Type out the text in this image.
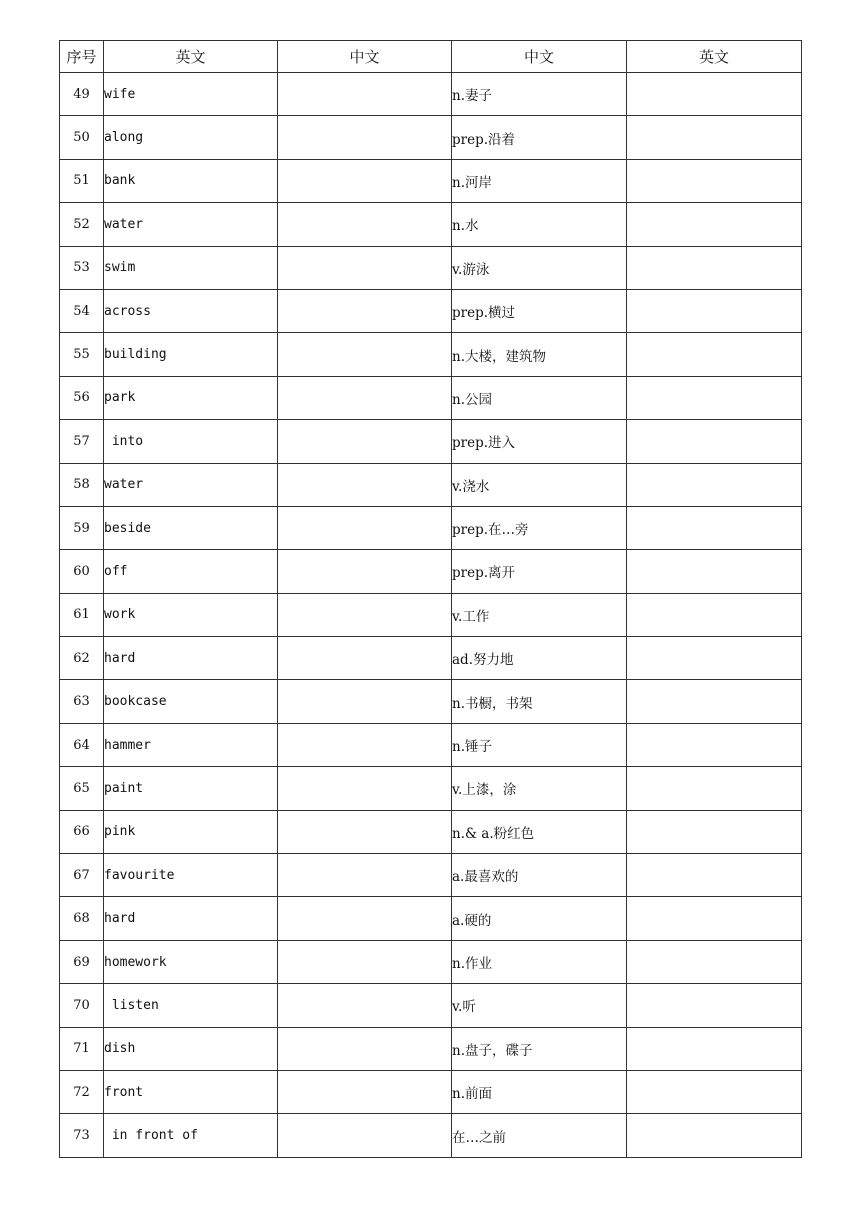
序号	英文	中文	中文	英文
49	wife		n.妻子	
50	along		prep.沿着	
51	bank		n.河岸	
52	water		n.水	
53	swim		v.游泳	
54	across		prep.横过	
55	building		n.大楼，建筑物	
56	park		n.公园	
57	into		prep.进入	
58	water		v.浇水	
59	beside		prep.在…旁	
60	off		prep.离开	
61	work		v.工作	
62	hard		ad.努力地	
63	bookcase		n.书橱，书架	
64	hammer		n.锤子	
65	paint		v.上漆，涂	
66	pink		n.& a.粉红色	
67	favourite		a.最喜欢的	
68	hard		a.硬的	
69	homework		n.作业	
70	listen		v.听	
71	dish		n.盘子，碟子	
72	front		n.前面	
73	in front of		在…之前	
